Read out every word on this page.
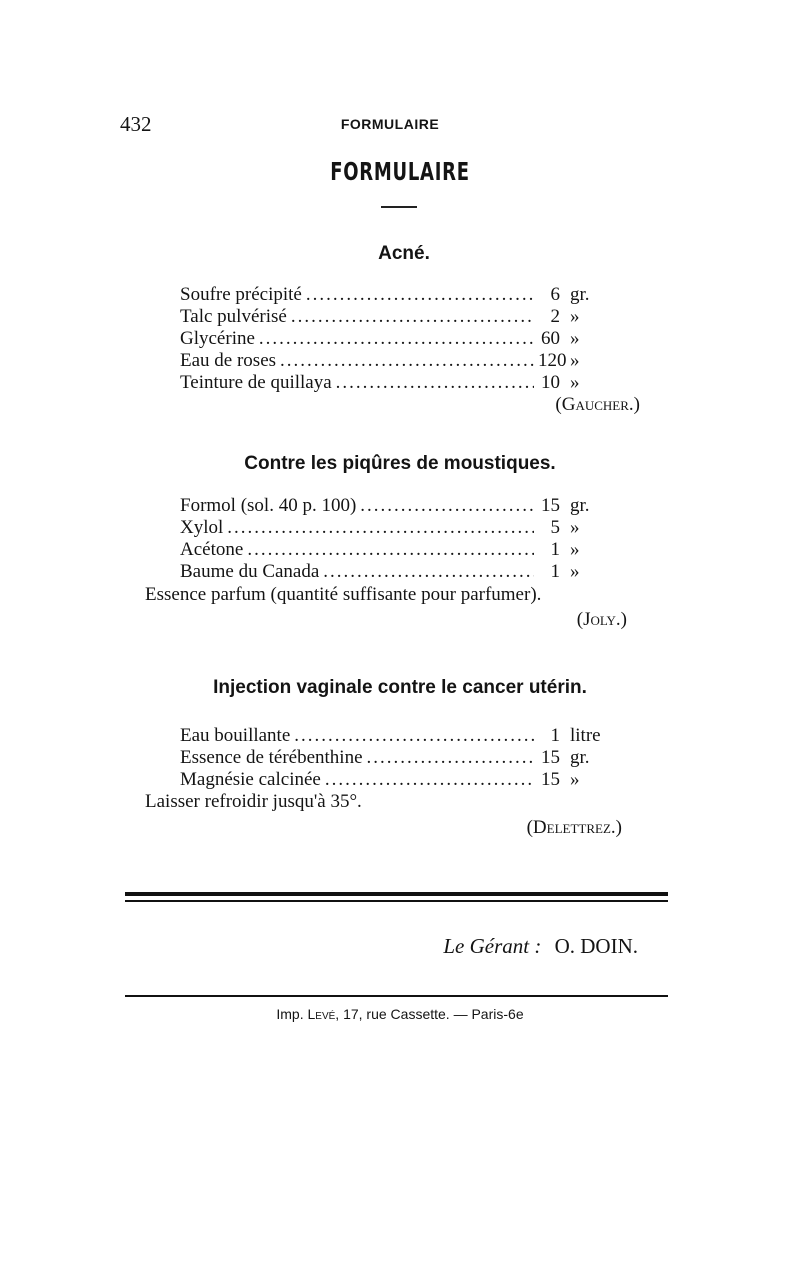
432	FORMULAIRE
FORMULAIRE
Acné.
Soufre précipité .....	6 gr.
Talc pulvérisé .....	2 »
Glycérine .....	60 »
Eau de roses .....	120 »
Teinture de quillaya .....	10 »
(Gaucher.)
Contre les piqûres de moustiques.
Formol (sol. 40 p. 100) .....	15 gr.
Xylol .....	5 »
Acétone .....	1 »
Baume du Canada .....	1 »
Essence parfum (quantité suffisante pour parfumer).
(Joly.)
Injection vaginale contre le cancer utérin.
Eau bouillante .....	1 litre
Essence de térébenthine .....	15 gr.
Magnésie calcinée .....	15 »
Laisser refroidir jusqu'à 35°.
(Delettrez.)
Le Gérant : O. DOIN.
Imp. Levé, 17, rue Cassette. — Paris-6e
